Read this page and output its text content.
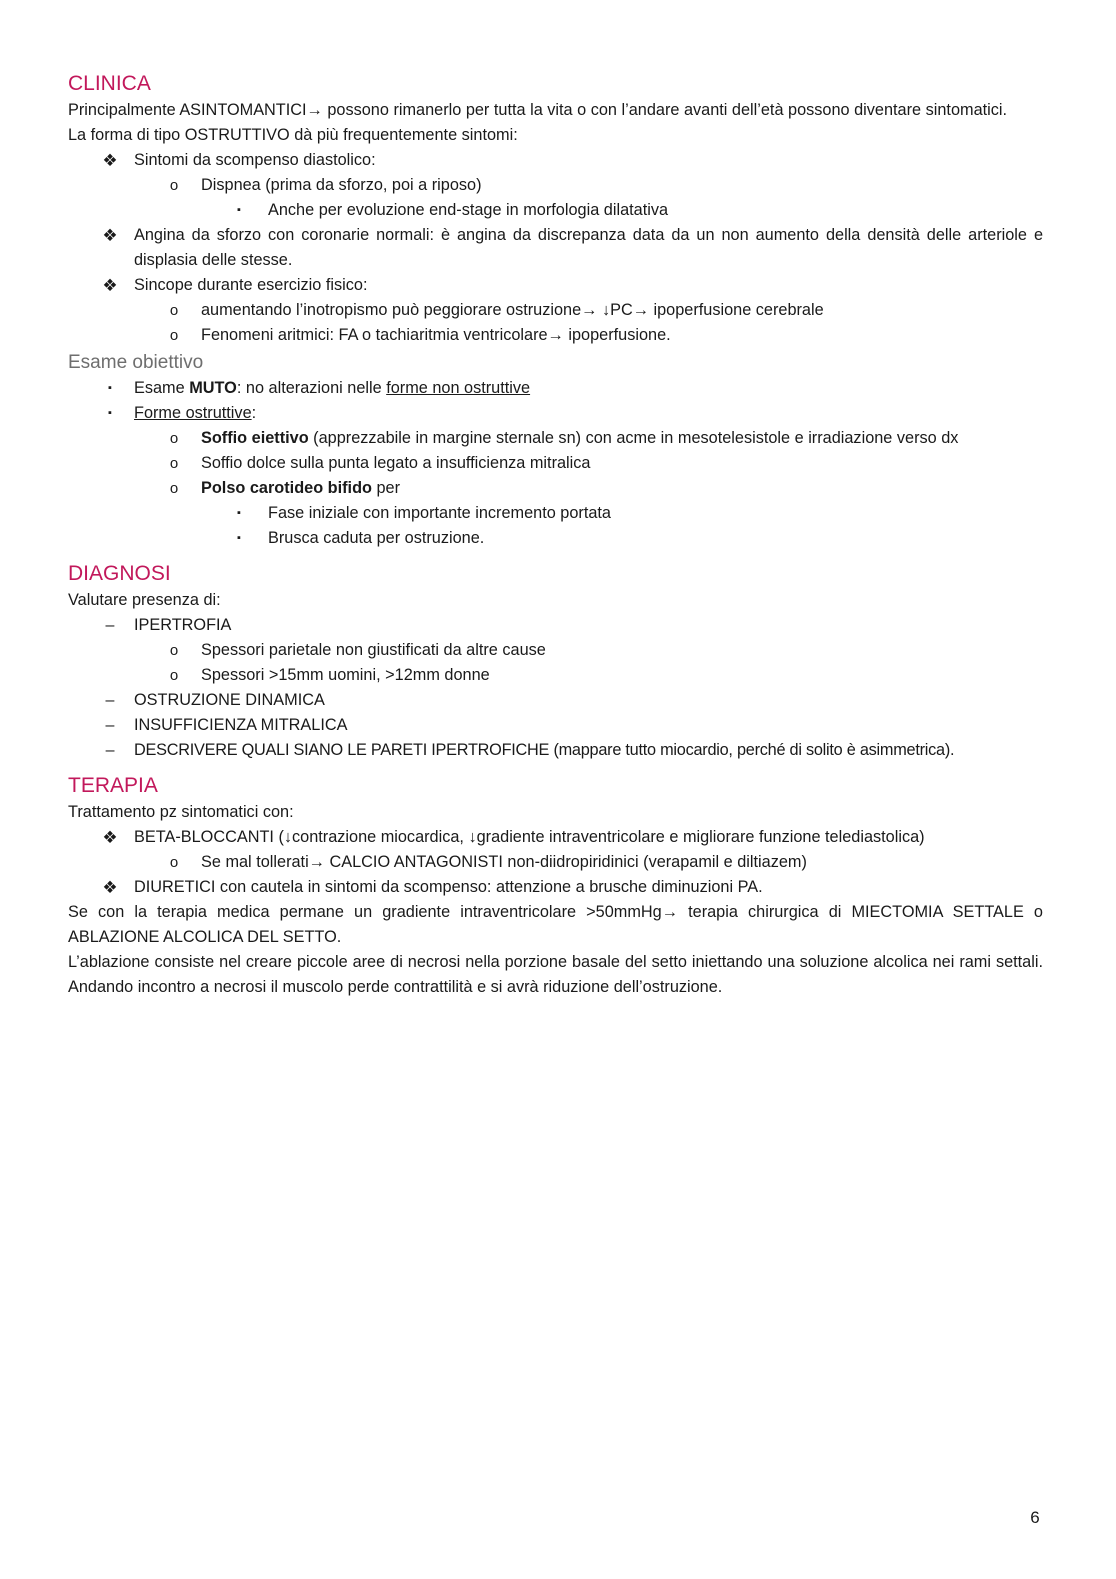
CLINICA

Principalmente ASINTOMANTICI→ possono rimanerlo per tutta la vita o con l’andare avanti dell’età possono diventare sintomatici.

La forma di tipo OSTRUTTIVO dà più frequentemente sintomi:

❖ Sintomi da scompenso diastolico:
o	Dispnea (prima da sforzo, poi a riposo)
▪	Anche per evoluzione end-stage in morfologia dilatativa
❖ Angina da sforzo con coronarie normali: è angina da discrepanza data da un non aumento della densità delle arteriole e displasia delle stesse.
❖ Sincope durante esercizio fisico:
o	aumentando l’inotropismo può peggiorare ostruzione→ ↓PC→ ipoperfusione cerebrale
o	Fenomeni aritmici: FA o tachiaritmia ventricolare→ ipoperfusione.
Esame obiettivo
▪	Esame MUTO: no alterazioni nelle forme non ostruttive
▪	Forme ostruttive:
o	Soffio eiettivo (apprezzabile in margine sternale sn) con acme in mesotelesistole e irradiazione verso dx
o	Soffio dolce sulla punta legato a insufficienza mitralica
o	Polso carotideo bifido per
▪	Fase iniziale con importante incremento portata
▪	Brusca caduta per ostruzione.
DIAGNOSI

Valutare presenza di:

–	IPERTROFIA
o	Spessori parietale non giustificati da altre cause
o	Spessori >15mm uomini, >12mm donne
–	OSTRUZIONE DINAMICA
–	INSUFFICIENZA MITRALICA
–	DESCRIVERE QUALI SIANO LE PARETI IPERTROFICHE (mappare tutto miocardio, perché di solito è asimmetrica).
TERAPIA

Trattamento pz sintomatici con:

❖ BETA-BLOCCANTI (↓contrazione miocardica, ↓gradiente intraventricolare e migliorare funzione telediastolica)
o	Se mal tollerati→ CALCIO ANTAGONISTI non-diidropiridinici (verapamil e diltiazem)
❖ DIURETICI con cautela in sintomi da scompenso: attenzione a brusche diminuzioni PA.

Se con la terapia medica permane un gradiente intraventricolare >50mmHg→ terapia chirurgica di MIECTOMIA SETTALE o ABLAZIONE ALCOLICA DEL SETTO.

L’ablazione consiste nel creare piccole aree di necrosi nella porzione basale del setto iniettando una soluzione alcolica nei rami settali. Andando incontro a necrosi il muscolo perde contrattilità e si avrà riduzione dell’ostruzione.

6
